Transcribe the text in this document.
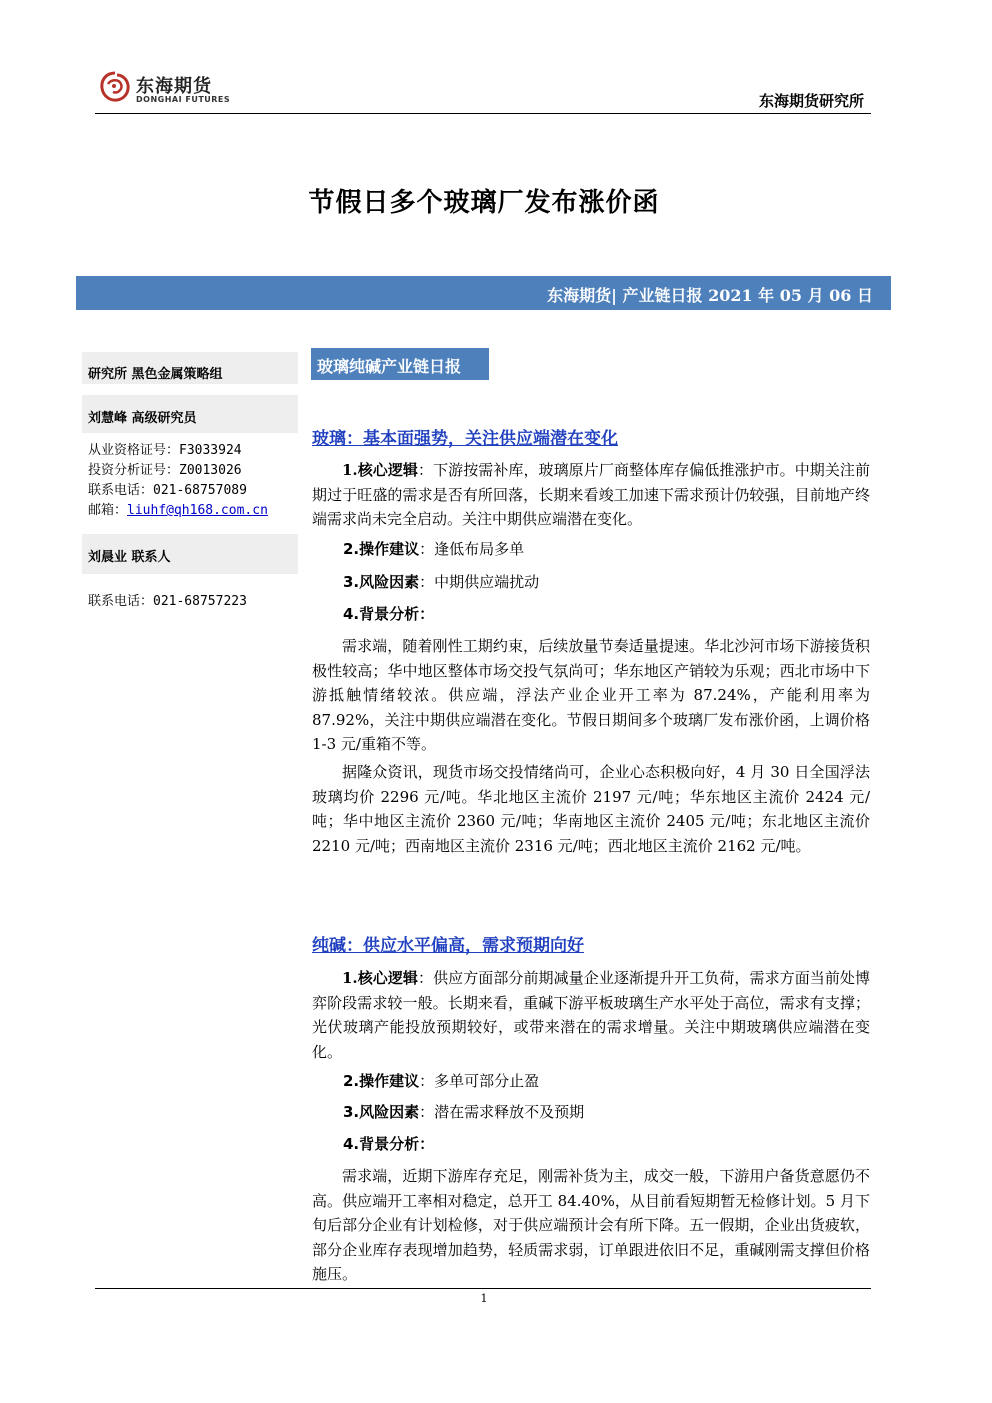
东海期货
DONGHAI FUTURES	东海期货研究所
节假日多个玻璃厂发布涨价函
东海期货| 产业链日报 2021 年 05 月 06 日
研究所 黑色金属策略组
刘慧峰 高级研究员
从业资格证号：F3033924
投资分析证号：Z0013026
联系电话：021-68757089
邮箱：liuhf@qh168.com.cn
刘晨业 联系人
联系电话：021-68757223
玻璃纯碱产业链日报
玻璃：基本面强势，关注供应端潜在变化
1.核心逻辑：下游按需补库，玻璃原片厂商整体库存偏低推涨护市。中期关注前期过于旺盛的需求是否有所回落，长期来看竣工加速下需求预计仍较强，目前地产终端需求尚未完全启动。关注中期供应端潜在变化。
2.操作建议：逢低布局多单
3.风险因素：中期供应端扰动
4.背景分析：
需求端，随着刚性工期约束，后续放量节奏适量提速。华北沙河市场下游接货积极性较高；华中地区整体市场交投气氛尚可；华东地区产销较为乐观；西北市场中下游抵触情绪较浓。供应端，浮法产业企业开工率为 87.24%，产能利用率为 87.92%，关注中期供应端潜在变化。节假日期间多个玻璃厂发布涨价函，上调价格 1-3 元/重箱不等。
据隆众资讯，现货市场交投情绪尚可，企业心态积极向好，4 月 30 日全国浮法玻璃均价 2296 元/吨。华北地区主流价 2197 元/吨；华东地区主流价 2424 元/吨；华中地区主流价 2360 元/吨；华南地区主流价 2405 元/吨；东北地区主流价 2210 元/吨；西南地区主流价 2316 元/吨；西北地区主流价 2162 元/吨。
纯碱：供应水平偏高，需求预期向好
1.核心逻辑：供应方面部分前期减量企业逐渐提升开工负荷，需求方面当前处博弈阶段需求较一般。长期来看，重碱下游平板玻璃生产水平处于高位，需求有支撑；光伏玻璃产能投放预期较好，或带来潜在的需求增量。关注中期玻璃供应端潜在变化。
2.操作建议：多单可部分止盈
3.风险因素：潜在需求释放不及预期
4.背景分析：
需求端，近期下游库存充足，刚需补货为主，成交一般，下游用户备货意愿仍不高。供应端开工率相对稳定，总开工 84.40%，从目前看短期暂无检修计划。5 月下旬后部分企业有计划检修，对于供应端预计会有所下降。五一假期，企业出货疲软，部分企业库存表现增加趋势，轻质需求弱，订单跟进依旧不足，重碱刚需支撑但价格施压。
1
